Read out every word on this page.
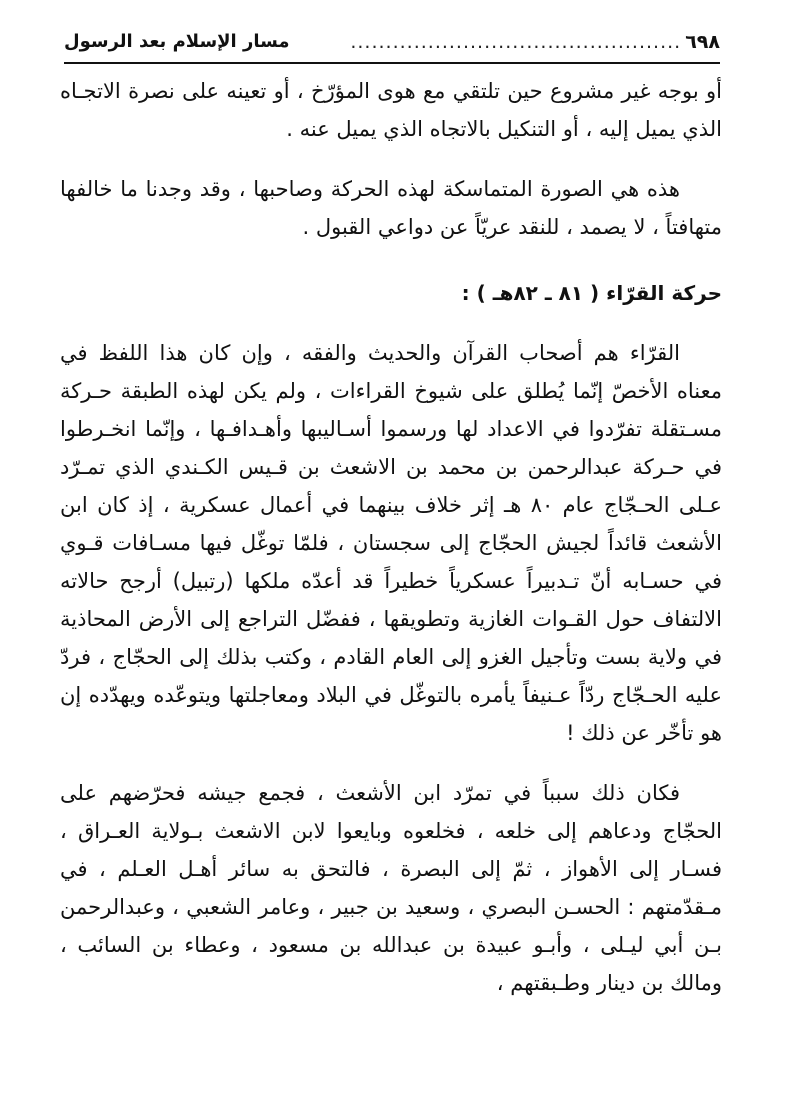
٦٩٨
...............................................
مسار الإسلام بعد الرسول

أو بوجه غير مشروع حين تلتقي مع هوى المؤرّخ ، أو تعينه على نصرة الاتجـاه الذي يميل إليه ، أو التنكيل بالاتجاه الذي يميل عنه .

هذه هي الصورة المتماسكة لهذه الحركة وصاحبها ، وقد وجدنا ما خالفها متهافتاً ، لا يصمد ، للنقد عريّاً عن دواعي القبول .

حركة القرّاء ( ٨١ ـ ٨٢هـ ) :

القرّاء هم أصحاب القرآن والحديث والفقه ، وإن كان هذا اللفظ في معناه الأخصّ إنّما يُطلق على شيوخ القراءات ، ولم يكن لهذه الطبقة حـركة مسـتقلة تفرّدوا في الاعداد لها ورسموا أسـاليبها وأهـدافـها ، وإنّما انخـرطوا في حـركة عبدالرحمن بن محمد بن الاشعث بن قـيس الكـندي الذي تمـرّد عـلى الحـجّاج عام ٨٠ هـ إثر خلاف بينهما في أعمال عسكرية ، إذ كان ابن الأشعث قائداً لجيش الحجّاج إلى سجستان ، فلمّا توغّل فيها مسـافات قـوي في حسـابه أنّ تـدبيراً عسكرياً خطيراً قد أعدّه ملكها (رتبيل) أرجح حالاته الالتفاف حول القـوات الغازية وتطويقها ، ففضّل التراجع إلى الأرض المحاذية في ولاية بست وتأجيل الغزو إلى العام القادم ، وكتب بذلك إلى الحجّاج ، فردّ عليه الحـجّاج ردّاً عـنيفاً يأمره بالتوغّل في البلاد ومعاجلتها ويتوعّده ويهدّده إن هو تأخّر عن ذلك !

فكان ذلك سبباً في تمرّد ابن الأشعث ، فجمع جيشه فحرّضهم على الحجّاج ودعاهم إلى خلعه ، فخلعوه وبايعوا لابن الاشعث بـولاية العـراق ، فسـار إلى الأهواز ، ثمّ إلى البصرة ، فالتحق به سائر أهـل العـلم ، في مـقدّمتهم : الحسـن البصري ، وسعيد بن جبير ، وعامر الشعبي ، وعبدالرحمن بـن أبي ليـلى ، وأبـو عبيدة بن عبدالله بن مسعود ، وعطاء بن السائب ، ومالك بن دينار وطـبقتهم ،
